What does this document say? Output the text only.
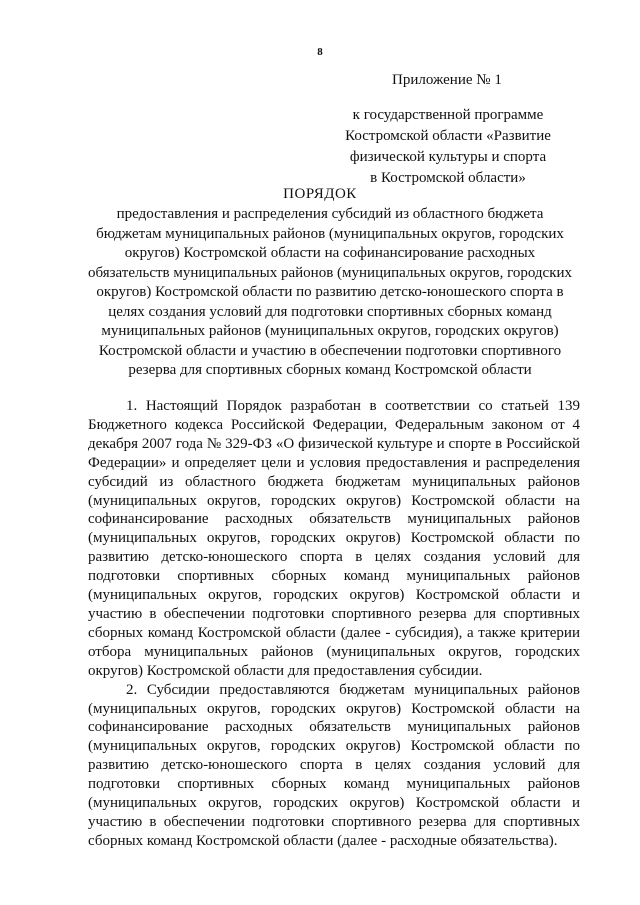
8
Приложение № 1
к государственной программе
Костромской области «Развитие
физической культуры и спорта
в Костромской области»
ПОРЯДОК
предоставления и распределения субсидий из областного бюджета бюджетам муниципальных районов (муниципальных округов, городских округов) Костромской области на софинансирование расходных обязательств муниципальных районов (муниципальных округов, городских округов) Костромской области по развитию детско-юношеского спорта в целях создания условий для подготовки спортивных сборных команд муниципальных районов (муниципальных округов, городских округов) Костромской области и участию в обеспечении подготовки спортивного резерва для спортивных сборных команд Костромской области

1. Настоящий Порядок разработан в соответствии со статьей 139 Бюджетного кодекса Российской Федерации, Федеральным законом от 4 декабря 2007 года № 329-ФЗ «О физической культуре и спорте в Российской Федерации» и определяет цели и условия предоставления и распределения субсидий из областного бюджета бюджетам муниципальных районов (муниципальных округов, городских округов) Костромской области на софинансирование расходных обязательств муниципальных районов (муниципальных округов, городских округов) Костромской области по развитию детско-юношеского спорта в целях создания условий для подготовки спортивных сборных команд муниципальных районов (муниципальных округов, городских округов) Костромской области и участию в обеспечении подготовки спортивного резерва для спортивных сборных команд Костромской области (далее - субсидия), а также критерии отбора муниципальных районов (муниципальных округов, городских округов) Костромской области для предоставления субсидии.

2. Субсидии предоставляются бюджетам муниципальных районов (муниципальных округов, городских округов) Костромской области на софинансирование расходных обязательств муниципальных районов (муниципальных округов, городских округов) Костромской области по развитию детско-юношеского спорта в целях создания условий для подготовки спортивных сборных команд муниципальных районов (муниципальных округов, городских округов) Костромской области и участию в обеспечении подготовки спортивного резерва для спортивных сборных команд Костромской области (далее - расходные обязательства).
